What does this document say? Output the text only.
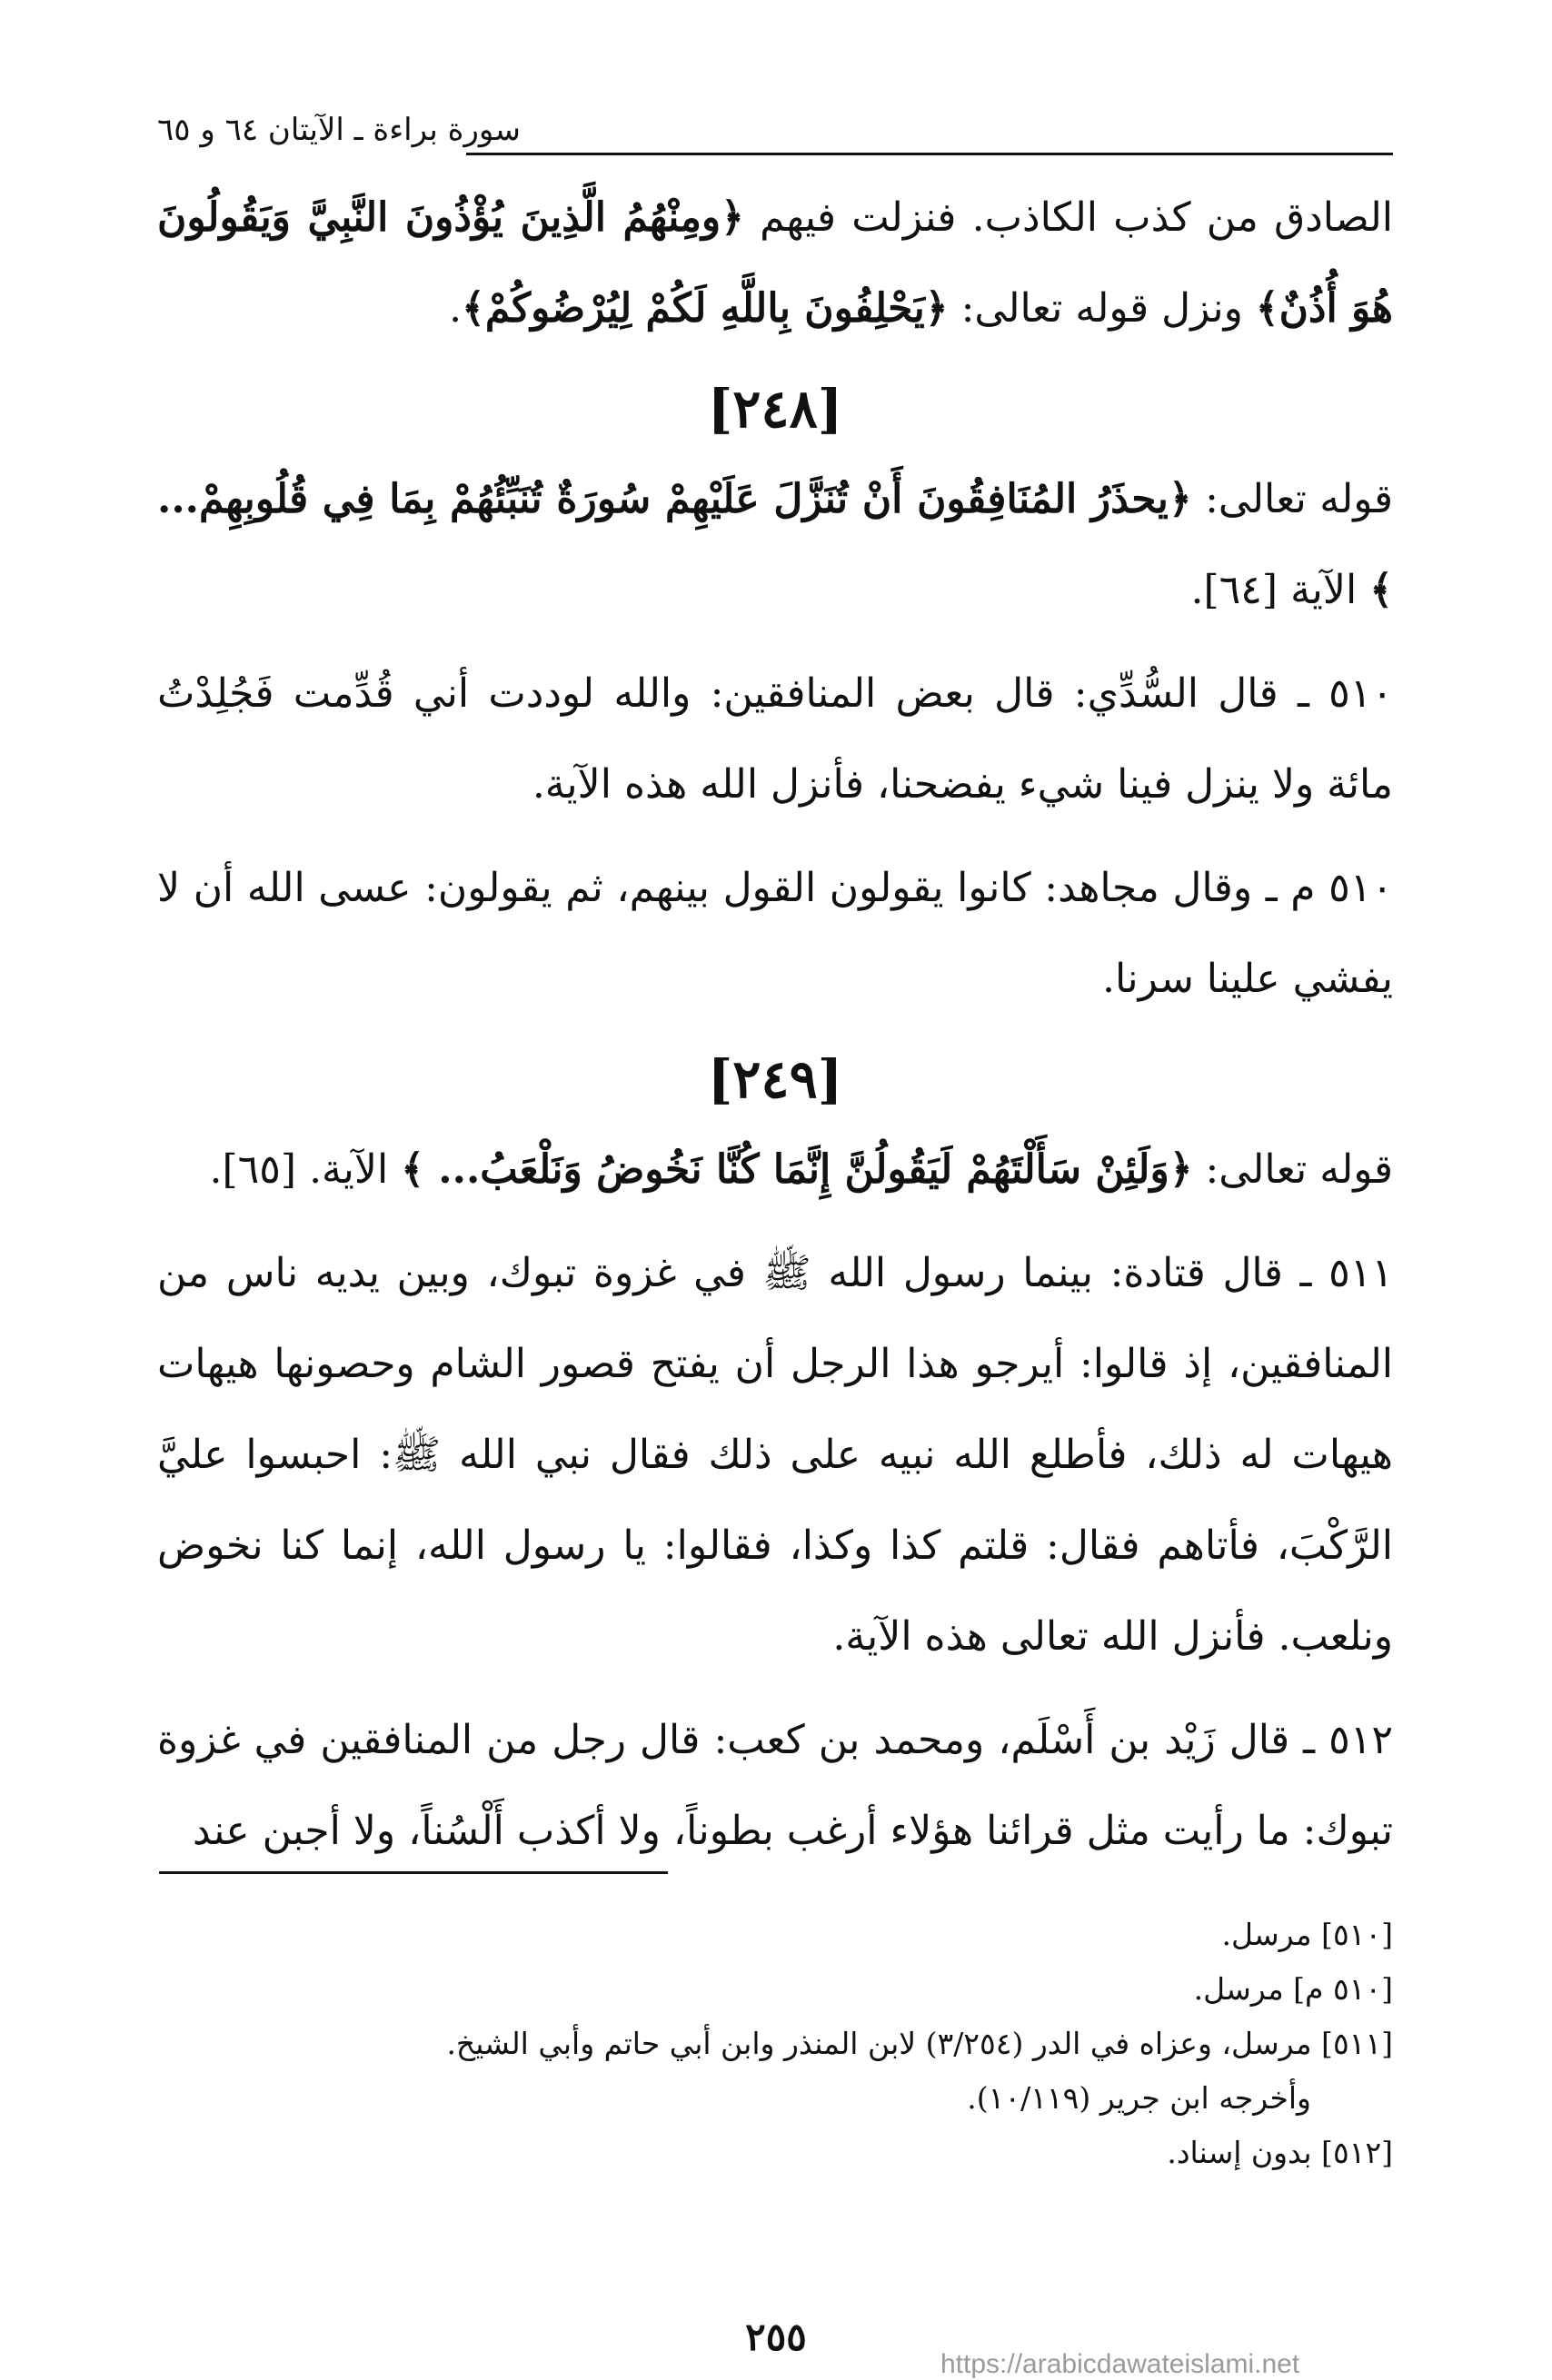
سورة براءة ـ الآيتان ٦٤ و ٦٥

الصادق من كذب الكاذب. فنزلت فيهم ﴿ومِنْهُمُ الَّذِينَ يُؤْذُونَ النَّبِيَّ وَيَقُولُونَ هُوَ أُذُنٌ﴾ ونزل قوله تعالى: ﴿يَحْلِفُونَ بِاللَّهِ لَكُمْ لِيُرْضُوكُمْ﴾.

[٢٤٨]

قوله تعالى: ﴿يحذَرُ المُنَافِقُونَ أَنْ تُنَزَّلَ عَلَيْهِمْ سُورَةٌ تُنَبِّئُهُمْ بِمَا فِي قُلُوبِهِمْ... ﴾ الآية [٦٤].

٥١٠ ـ قال السُّدِّي: قال بعض المنافقين: والله لوددت أني قُدِّمت فَجُلِدْتُ مائة ولا ينزل فينا شيء يفضحنا، فأنزل الله هذه الآية.

٥١٠ م ـ وقال مجاهد: كانوا يقولون القول بينهم، ثم يقولون: عسى الله أن لا يفشي علينا سرنا.

[٢٤٩]

قوله تعالى: ﴿وَلَئِنْ سَأَلْتَهُمْ لَيَقُولُنَّ إِنَّمَا كُنَّا نَخُوضُ وَنَلْعَبُ... ﴾ الآية. [٦٥].

٥١١ ـ قال قتادة: بينما رسول الله ﷺ في غزوة تبوك، وبين يديه ناس من المنافقين، إذ قالوا: أيرجو هذا الرجل أن يفتح قصور الشام وحصونها هيهات هيهات له ذلك، فأطلع الله نبيه على ذلك فقال نبي الله ﷺ: احبسوا عليَّ الرَّكْبَ، فأتاهم فقال: قلتم كذا وكذا، فقالوا: يا رسول الله، إنما كنا نخوض ونلعب. فأنزل الله تعالى هذه الآية.

٥١٢ ـ قال زَيْد بن أَسْلَم، ومحمد بن كعب: قال رجل من المنافقين في غزوة تبوك: ما رأيت مثل قرائنا هؤلاء أرغب بطوناً، ولا أكذب أَلْسُناً، ولا أجبن عند

[٥١٠] مرسل.

[٥١٠ م] مرسل.

[٥١١] مرسل، وعزاه في الدر (٣/٢٥٤) لابن المنذر وابن أبي حاتم وأبي الشيخ.

وأخرجه ابن جرير (١٠/١١٩).

[٥١٢] بدون إسناد.

٢٥٥
https://arabicdawateislami.net
